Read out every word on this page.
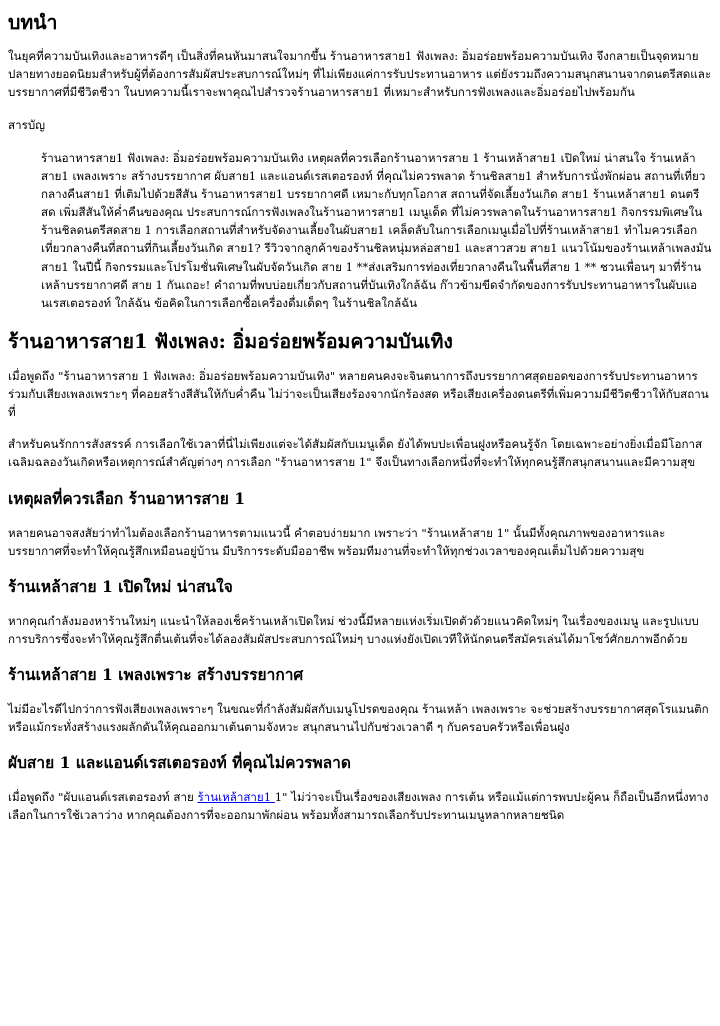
บทนำ

ในยุคที่ความบันเทิงและอาหารดีๆ เป็นสิ่งที่คนหันมาสนใจมากขึ้น ร้านอาหารสาย1 ฟังเพลง: อิ่มอร่อยพร้อมความบันเทิง จึงกลายเป็นจุดหมายปลายทางยอดนิยมสำหรับผู้ที่ต้องการสัมผัสประสบการณ์ใหม่ๆ ที่ไม่เพียงแค่การรับประทานอาหาร แต่ยังรวมถึงความสนุกสนานจากดนตรีสดและบรรยากาศที่มีชีวิตชีวา ในบทความนี้เราจะพาคุณไปสำรวจร้านอาหารสาย1 ที่เหมาะสำหรับการฟังเพลงและอิ่มอร่อยไปพร้อมกัน

สารบัญ

ร้านอาหารสาย1 ฟังเพลง: อิ่มอร่อยพร้อมความบันเทิง เหตุผลที่ควรเลือกร้านอาหารสาย 1 ร้านเหล้าสาย1 เปิดใหม่ น่าสนใจ ร้านเหล้าสาย1 เพลงเพราะ สร้างบรรยากาศ ผับสาย1 และแอนด์เรสเตอรองท์ ที่คุณไม่ควรพลาด ร้านชิลสาย1 สำหรับการนั่งพักผ่อน สถานที่เที่ยวกลางคืนสาย1 ที่เติมไปด้วยสีสัน ร้านอาหารสาย1 บรรยากาศดี เหมาะกับทุกโอกาส สถานที่จัดเลี้ยงวันเกิด สาย1 ร้านเหล้าสาย1 ดนตรีสด เพิ่มสีสันให้ค่ำคืนของคุณ ประสบการณ์การฟังเพลงในร้านอาหารสาย1 เมนูเด็ด ที่ไม่ควรพลาดในร้านอาหารสาย1 กิจกรรมพิเศษในร้านชิลดนตรีสดสาย 1 การเลือกสถานที่สำหรับจัดงานเลี้ยงในผับสาย1 เคล็ดลับในการเลือกเมนูเมื่อไปที่ร้านเหล้าสาย1 ทำไมควรเลือกเที่ยวกลางคืนที่สถานที่กินเลี้ยงวันเกิด สาย1? รีวิวจากลูกค้าของร้านชิลหนุ่มหล่อสาย1 และสาวสวย สาย1 แนวโน้มของร้านเหล้าเพลงมันสาย1 ในปีนี้ กิจกรรมและโปรโมชั่นพิเศษในผับจัดวันเกิด สาย 1 **ส่งเสริมการท่องเที่ยวกลางคืนในพื้นที่สาย 1 ** ชวนเพื่อนๆ มาที่ร้านเหล้าบรรยากาศดี สาย 1 กันเถอะ! คำถามที่พบบ่อยเกี่ยวกับสถานที่บันเทิงใกล้ฉัน ก๊าวข้ามขีดจำกัดของการรับประทานอาหารในผับแอนเรสเตอรองท์ ใกล้ฉัน ข้อคิดในการเลือกซื้อเครื่องดื่มเด็ดๆ ในร้านชิลใกล้ฉัน

ร้านอาหารสาย1 ฟังเพลง: อิ่มอร่อยพร้อมความบันเทิง

เมื่อพูดถึง "ร้านอาหารสาย 1 ฟังเพลง: อิ่มอร่อยพร้อมความบันเทิง" หลายคนคงจะจินตนาการถึงบรรยากาศสุดยอดของการรับประทานอาหารร่วมกับเสียงเพลงเพราะๆ ที่คอยสร้างสีสันให้กับค่ำคืน ไม่ว่าจะเป็นเสียงร้องจากนักร้องสด หรือเสียงเครื่องดนตรีที่เพิ่มความมีชีวิตชีวาให้กับสถานที่

สำหรับคนรักการสังสรรค์ การเลือกใช้เวลาที่นี่ไม่เพียงแต่จะได้สัมผัสกับเมนูเด็ด ยังได้พบปะเพื่อนฝูงหรือคนรู้จัก โดยเฉพาะอย่างยิ่งเมื่อมีโอกาสเฉลิมฉลองวันเกิดหรือเหตุการณ์สำคัญต่างๆ การเลือก "ร้านอาหารสาย 1" จึงเป็นทางเลือกหนึ่งที่จะทำให้ทุกคนรู้สึกสนุกสนานและมีความสุข

เหตุผลที่ควรเลือก ร้านอาหารสาย 1

หลายคนอาจสงสัยว่าทำไมต้องเลือกร้านอาหารตามแนวนี้ คำตอบง่ายมาก เพราะว่า "ร้านเหล้าสาย 1" นั้นมีทั้งคุณภาพของอาหารและบรรยากาศที่จะทำให้คุณรู้สึกเหมือนอยู่บ้าน มีบริการระดับมืออาชีพ พร้อมทีมงานที่จะทำให้ทุกช่วงเวลาของคุณเต็มไปด้วยความสุข

ร้านเหล้าสาย 1 เปิดใหม่ น่าสนใจ

หากคุณกำลังมองหาร้านใหม่ๆ แนะนำให้ลองเช็คร้านเหล้าเปิดใหม่ ช่วงนี้มีหลายแห่งเริ่มเปิดตัวด้วยแนวคิดใหม่ๆ ในเรื่องของเมนู และรูปแบบการบริการซึ่งจะทำให้คุณรู้สึกตื่นเต้นที่จะได้ลองสัมผัสประสบการณ์ใหม่ๆ บางแห่งยังเปิดเวทีให้นักดนตรีสมัครเล่นได้มาโชว์ศักยภาพอีกด้วย

ร้านเหล้าสาย 1 เพลงเพราะ สร้างบรรยากาศ

ไม่มีอะไรดีไปกว่าการฟังเสียงเพลงเพราะๆ ในขณะที่กำลังสัมผัสกับเมนูโปรดของคุณ ร้านเหล้า เพลงเพราะ จะช่วยสร้างบรรยากาศสุดโรแมนติก หรือแม้กระทั่งสร้างแรงผลักดันให้คุณออกมาเต้นตามจังหวะ สนุกสนานไปกับช่วงเวลาดี ๆ กับครอบครัวหรือเพื่อนฝูง

ผับสาย 1 และแอนด์เรสเตอรองท์ ที่คุณไม่ควรพลาด

เมื่อพูดถึง "ผับแอนด์เรสเตอรองท์ สาย ร้านเหล้าสาย1 1" ไม่ว่าจะเป็นเรื่องของเสียงเพลง การเต้น หรือแม้แต่การพบปะผู้คน ก็ถือเป็นอีกหนึ่งทางเลือกในการใช้เวลาว่าง หากคุณต้องการที่จะออกมาพักผ่อน พร้อมทั้งสามารถเลือกรับประทานเมนูหลากหลายชนิด
